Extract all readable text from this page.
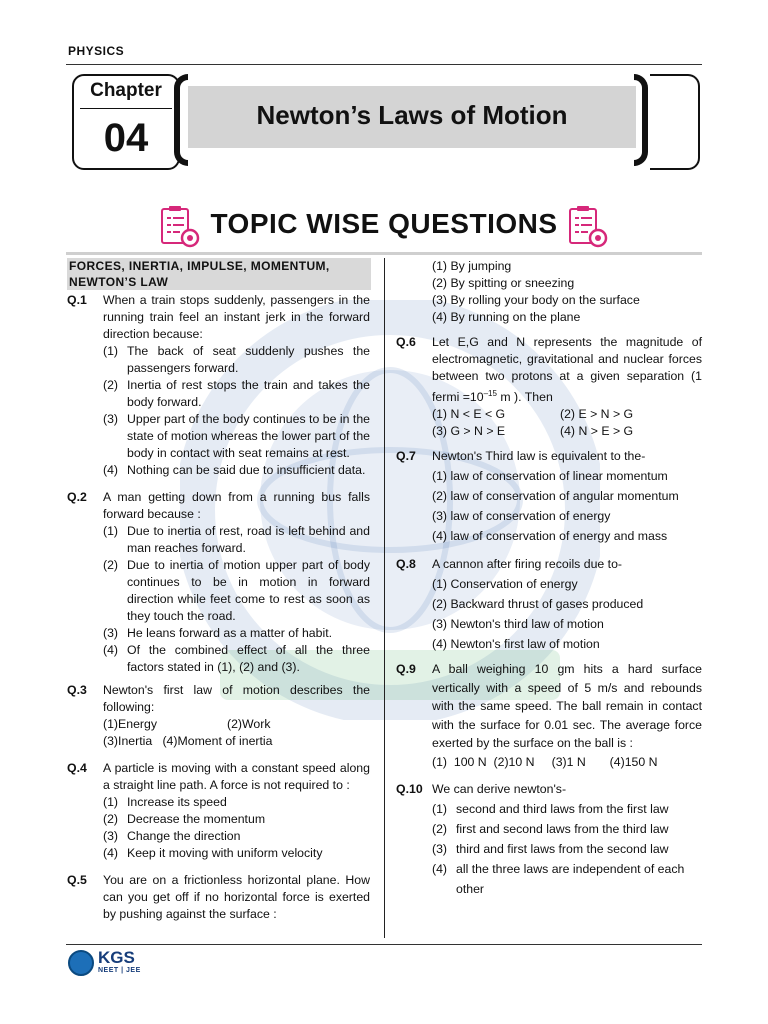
PHYSICS
Chapter
04
Newton’s Laws of Motion
TOPIC WISE QUESTIONS
FORCES, INERTIA, IMPULSE, MOMENTUM,
NEWTON’S LAW
Q.1 When a train stops suddenly, passengers in the running train feel an instant jerk in the forward direction because:
(1) The back of seat suddenly pushes the passengers forward.
(2) Inertia of rest stops the train and takes the body forward.
(3) Upper part of the body continues to be in the state of motion whereas the lower part of the body in contact with seat remains at rest.
(4) Nothing can be said due to insufficient data.
Q.2 A man getting down from a running bus falls forward because :
(1) Due to inertia of rest, road is left behind and man reaches forward.
(2) Due to inertia of motion upper part of body continues to be in motion in forward direction while feet come to rest as soon as they touch the road.
(3) He leans forward as a matter of habit.
(4) Of the combined effect of all the three factors stated in (1), (2) and (3).
Q.3 Newton's first law of motion describes the following:
(1)Energy	(2)Work
(3)Inertia   (4)Moment of inertia
Q.4 A particle is moving with a constant speed along a straight line path. A force is not required to :
(1) Increase its speed
(2) Decrease the momentum
(3) Change the direction
(4) Keep it moving with uniform velocity
Q.5 You are on a frictionless horizontal plane. How can you get off if no horizontal force is exerted by pushing against the surface :
(1) By jumping
(2) By spitting or sneezing
(3) By rolling your body on the surface
(4) By running on the plane
Q.6 Let E,G and N represents the magnitude of electromagnetic, gravitational and nuclear forces between two protons at a given separation (1 fermi $=10^{-15}$ m ). Then
(1) N < E < G	(2) E > N > G
(3) G > N > E	(4) N > E > G
Q.7 Newton's Third law is equivalent to the-
(1) law of conservation of linear momentum
(2) law of conservation of angular momentum
(3) law of conservation of energy
(4) law of conservation of energy and mass
Q.8 A cannon after firing recoils due to-
(1) Conservation of energy
(2) Backward thrust of gases produced
(3) Newton's third law of motion
(4) Newton's first law of motion
Q.9 A ball weighing 10 gm hits a hard surface vertically with a speed of 5 m/s and rebounds with the same speed. The ball remain in contact with the surface for 0.01 sec. The average force exerted by the surface on the ball is :
(1)  100 N  (2)10 N     (3)1 N       (4)150 N
Q.10 We can derive newton's-
(1) second and third laws from the first law
(2) first and second laws from the third law
(3) third and first laws from the second law
(4) all the three laws are independent of each other
KGS
NEET | JEE
